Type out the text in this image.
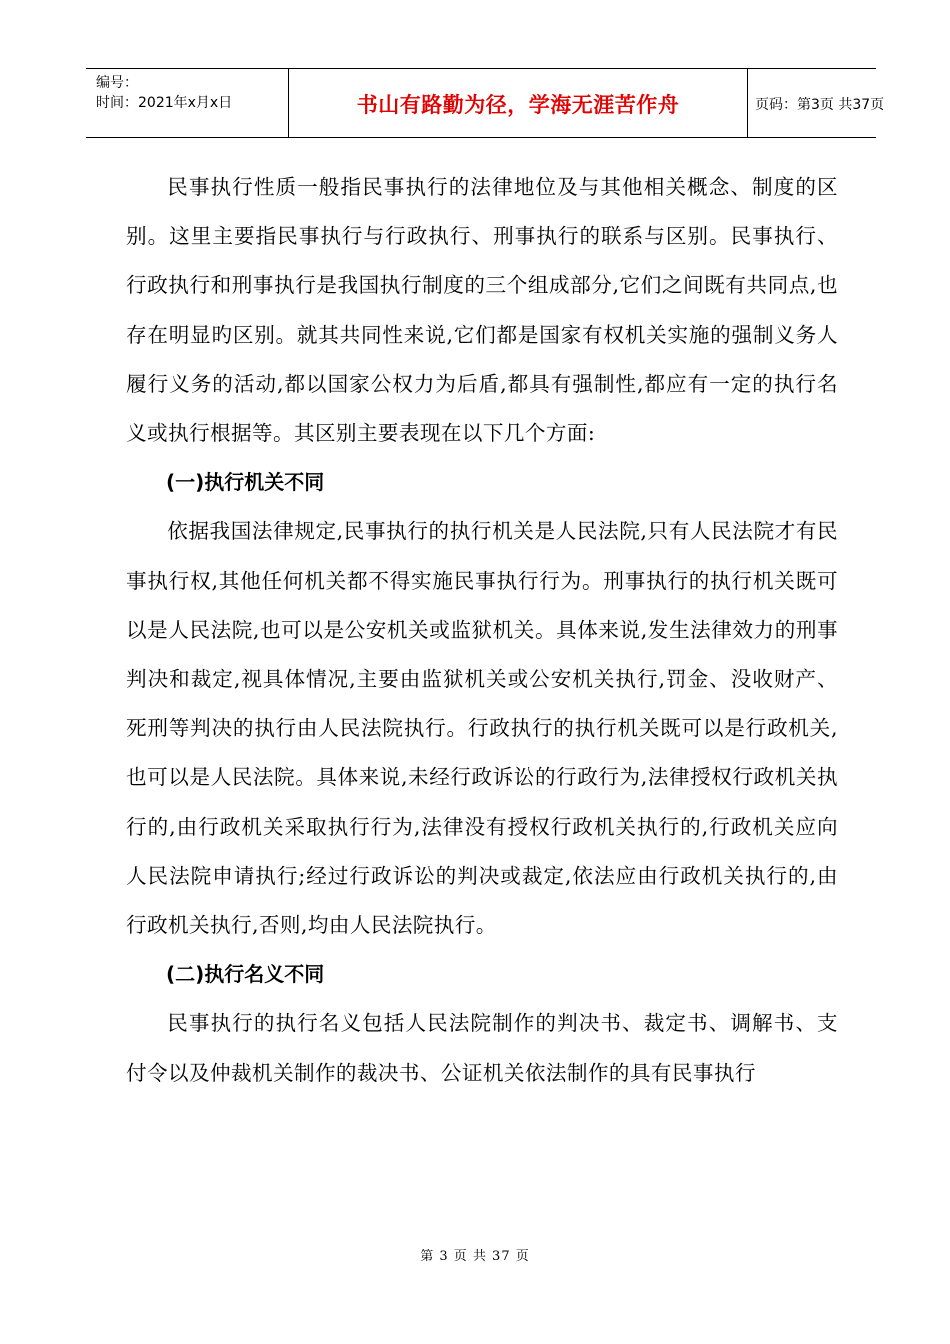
编号：
时间：2021年x月x日	书山有路勤为径，学海无涯苦作舟	页码：第3页 共37页

民事执行性质一般指民事执行的法律地位及与其他相关概念、制度的区别。这里主要指民事执行与行政执行、刑事执行的联系与区别。民事执行、行政执行和刑事执行是我国执行制度的三个组成部分,它们之间既有共同点,也存在明显旳区别。就其共同性来说,它们都是国家有权机关实施的强制义务人履行义务的活动,都以国家公权力为后盾,都具有强制性,都应有一定的执行名义或执行根据等。其区别主要表现在以下几个方面:

(一)执行机关不同

依据我国法律规定,民事执行的执行机关是人民法院,只有人民法院才有民事执行权,其他任何机关都不得实施民事执行行为。刑事执行的执行机关既可以是人民法院,也可以是公安机关或监狱机关。具体来说,发生法律效力的刑事判决和裁定,视具体情况,主要由监狱机关或公安机关执行,罚金、没收财产、死刑等判决的执行由人民法院执行。行政执行的执行机关既可以是行政机关,也可以是人民法院。具体来说,未经行政诉讼的行政行为,法律授权行政机关执行的,由行政机关采取执行行为,法律没有授权行政机关执行的,行政机关应向人民法院申请执行;经过行政诉讼的判决或裁定,依法应由行政机关执行的,由行政机关执行,否则,均由人民法院执行。

(二)执行名义不同

民事执行的执行名义包括人民法院制作的判决书、裁定书、调解书、支付令以及仲裁机关制作的裁决书、公证机关依法制作的具有民事执行

第 3 页 共 37 页
